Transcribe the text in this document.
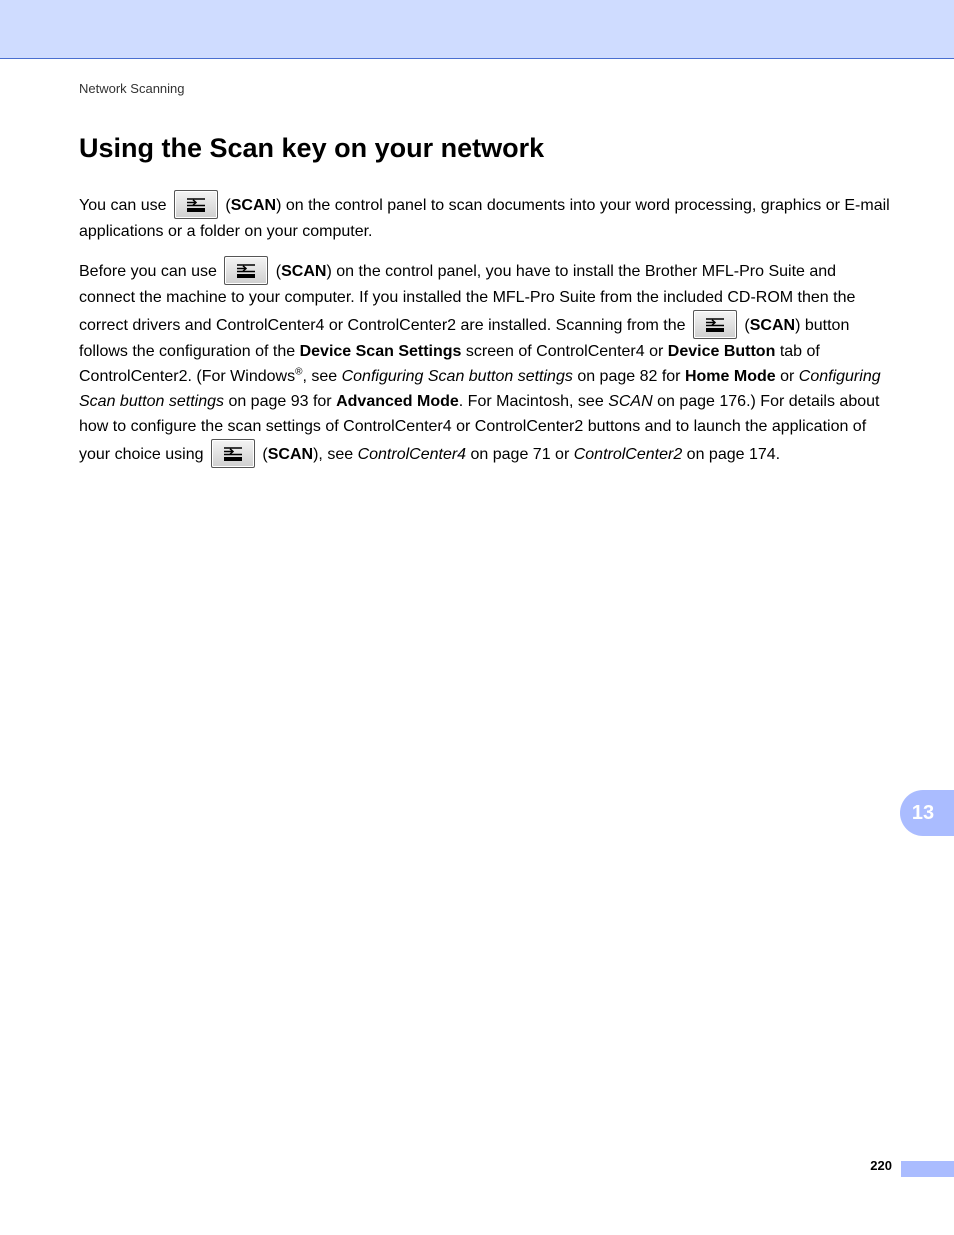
Network Scanning
Using the Scan key on your network

You can use	(SCAN) on the control panel to scan documents into your word processing, graphics or E-mail applications or a folder on your computer.

Before you can use	(SCAN) on the control panel, you have to install the Brother MFL-Pro Suite and connect the machine to your computer. If you installed the MFL-Pro Suite from the included CD-ROM then the correct drivers and ControlCenter4 or ControlCenter2 are installed. Scanning from the	(SCAN) button follows the configuration of the Device Scan Settings screen of ControlCenter4 or Device Button tab of ControlCenter2. (For Windows®, see Configuring Scan button settings on page 82 for Home Mode or Configuring Scan button settings on page 93 for Advanced Mode. For Macintosh, see SCAN on page 176.) For details about how to configure the scan settings of ControlCenter4 or ControlCenter2 buttons and to launch the application of your choice using	(SCAN), see ControlCenter4 on page 71 or ControlCenter2 on page 174.

13
220
